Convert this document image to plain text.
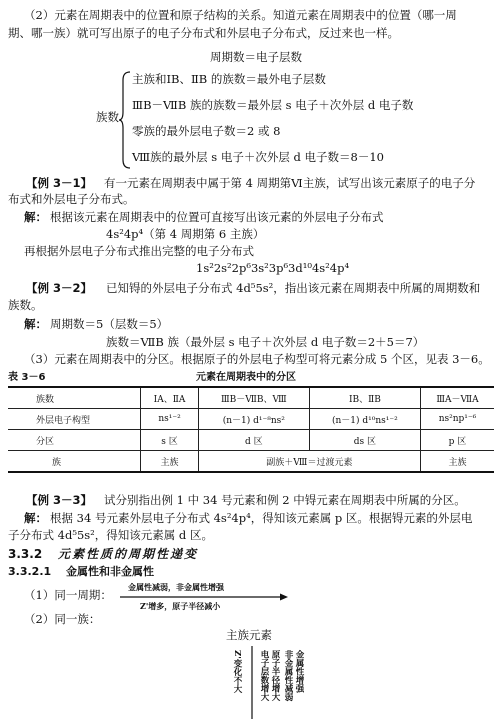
（2）元素在周期表中的位置和原子结构的关系。知道元素在周期表中的位置（哪一周
期、哪一族）就可写出原子的电子分布式和外层电子分布式，反过来也一样。
周期数＝电子层数
族数
主族和ⅠB、ⅡB 的族数＝最外电子层数
ⅢB－ⅦB 族的族数＝最外层 s 电子＋次外层 d 电子数
零族的最外层电子数＝2 或 8
Ⅷ族的最外层 s 电子＋次外层 d 电子数＝8－10
【例 3－1】 有一元素在周期表中属于第 4 周期第Ⅵ主族，试写出该元素原子的电子分
布式和外层电子分布式。
解： 根据该元素在周期表中的位置可直接写出该元素的外层电子分布式
4s²4p⁴（第 4 周期第 6 主族）
再根据外层电子分布式推出完整的电子分布式
1s²2s²2p⁶3s²3p⁶3d¹⁰4s²4p⁴
【例 3－2】 已知锝的外层电子分布式 4d⁵5s²，指出该元素在周期表中所属的周期数和
族数。
解： 周期数＝5（层数＝5）
族数＝ⅦB 族（最外层 s 电子＋次外层 d 电子数＝2＋5＝7）
（3）元素在周期表中的分区。根据原子的外层电子构型可将元素分成 5 个区，见表 3－6。
表 3－6	元素在周期表中的分区
族数	ⅠA、ⅡA	ⅢB－ⅦB、Ⅷ	ⅠB、ⅡB	ⅢA－ⅦA
外层电子构型	ns¹⁻²	(n－1) d¹⁻⁸ns²	(n－1) d¹⁰ns¹⁻²	ns²np¹⁻⁶
分区	s 区	d 区	ds 区	p 区
族	主族	副族＋Ⅷ＝过渡元素		主族
【例 3－3】 试分别指出例 1 中 34 号元素和例 2 中锝元素在周期表中所属的分区。
解： 根据 34 号元素外层电子分布式 4s²4p⁴，得知该元素属 p 区。根据锝元素的外层电
子分布式 4d⁵5s²，得知该元素属 d 区。
3.3.2 元素性质的周期性递变
3.3.2.1 金属性和非金属性
（1）同一周期：
金属性减弱，非金属性增强
Z'增多，原子半径减小
（2）同一族：
主族元素
Z'变化不大 电子层数增大 原子半径增大 非金属性减弱 金属性增强
